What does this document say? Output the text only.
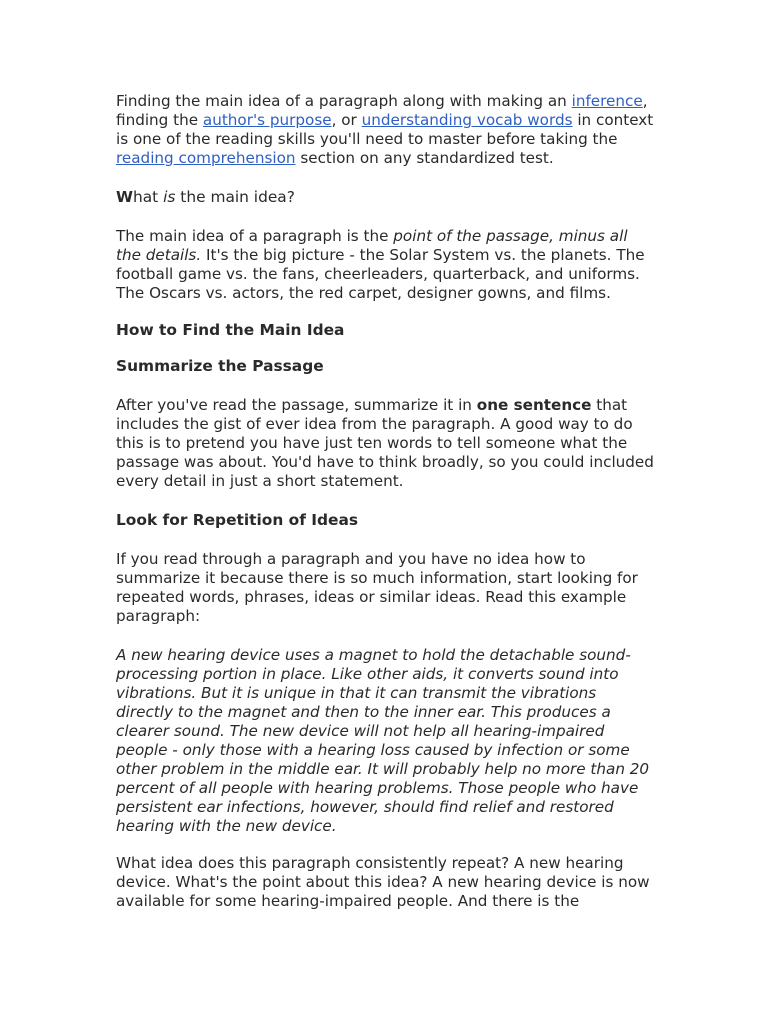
Finding the main idea of a paragraph along with making an inference, finding the author's purpose, or understanding vocab words in context is one of the reading skills you'll need to master before taking the reading comprehension section on any standardized test.

What is the main idea?

The main idea of a paragraph is the point of the passage, minus all the details. It's the big picture - the Solar System vs. the planets. The football game vs. the fans, cheerleaders, quarterback, and uniforms. The Oscars vs. actors, the red carpet, designer gowns, and films.

How to Find the Main Idea
Summarize the Passage

After you've read the passage, summarize it in one sentence that includes the gist of ever idea from the paragraph. A good way to do this is to pretend you have just ten words to tell someone what the passage was about. You'd have to think broadly, so you could included every detail in just a short statement.

Look for Repetition of Ideas

If you read through a paragraph and you have no idea how to summarize it because there is so much information, start looking for repeated words, phrases, ideas or similar ideas. Read this example paragraph:

A new hearing device uses a magnet to hold the detachable sound-processing portion in place. Like other aids, it converts sound into vibrations. But it is unique in that it can transmit the vibrations directly to the magnet and then to the inner ear. This produces a clearer sound. The new device will not help all hearing-impaired people - only those with a hearing loss caused by infection or some other problem in the middle ear. It will probably help no more than 20 percent of all people with hearing problems. Those people who have persistent ear infections, however, should find relief and restored hearing with the new device.

What idea does this paragraph consistently repeat? A new hearing device. What's the point about this idea? A new hearing device is now available for some hearing-impaired people. And there is the
